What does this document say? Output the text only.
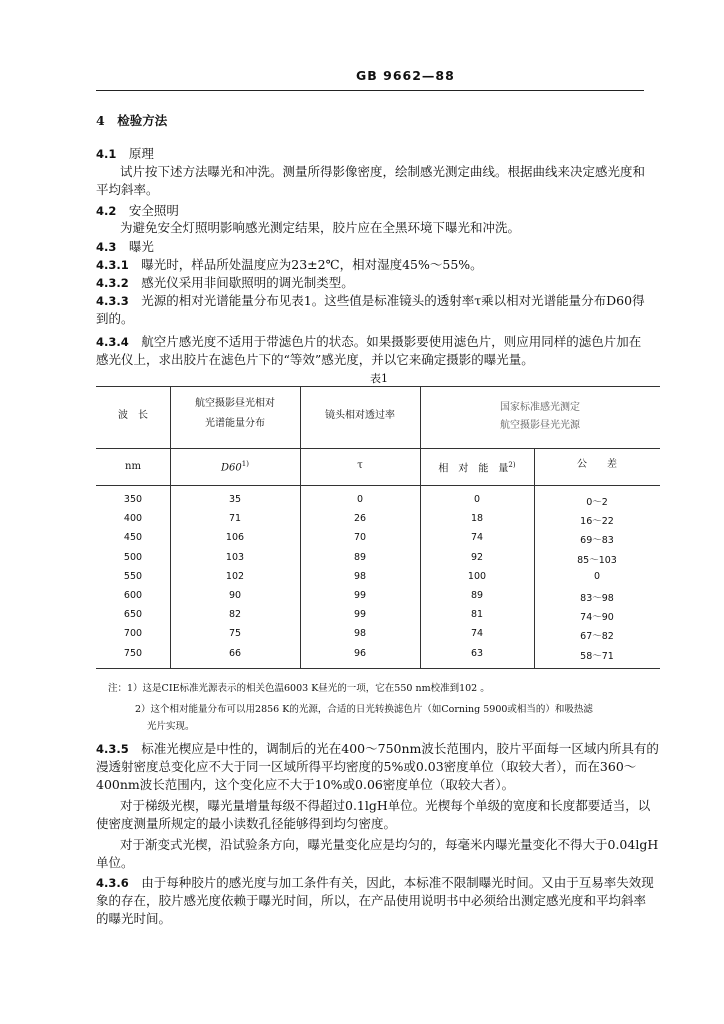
GB 9662—88
4　 检验方法
4.1　 原理
试片按下述方法曝光和冲洗。测量所得影像密度，绘制感光测定曲线。根据曲线来决定感光度和
平均斜率。
4.2　 安全照明
为避免安全灯照明影响感光测定结果，胶片应在全黑环境下曝光和冲洗。
4.3　 曝光
4.3.1　 曝光时，样品所处温度应为23±2℃，相对湿度45%～55%。
4.3.2　 感光仪采用非间歇照明的调光制类型。
4.3.3　 光源的相对光谱能量分布见表1。这些值是标准镜头的透射率τ乘以相对光谱能量分布D60得
到的。
4.3.4　 航空片感光度不适用于带滤色片的状态。如果摄影要使用滤色片，则应用同样的滤色片加在
感光仪上，求出胶片在滤色片下的“等效”感光度，并以它来确定摄影的曝光量。
表1
波　长
航空摄影昼光相对
光谱能量分布
镜头相对透过率
国家标准感光测定
航空摄影昼光光源
nm	D60$^{1)}$	τ	相　对　能　量$^{2)}$	公　　差
350	35	0	0	0～2
400	71	26	18	16～22
450	106	70	74	69～83
500	103	89	92	85～103
550	102	98	100	0
600	90	99	89	83～98
650	82	99	81	74～90
700	75	98	74	67～82
750	66	96	63	58～71
注：1）这是CIE标准光源表示的相关色温6003 K昼光的一项，它在550 nm校准到102 。
2）这个相对能量分布可以用2856 K的光源，合适的日光转换滤色片（如Corning 5900或相当的）和吸热滤
光片实现。
4.3.5　 标准光楔应是中性的，调制后的光在400～750nm波长范围内，胶片平面每一区域内所具有的
漫透射密度总变化应不大于同一区域所得平均密度的5%或0.03密度单位（取较大者），而在360～
400nm波长范围内，这个变化应不大于10%或0.06密度单位（取较大者）。
对于梯级光楔，曝光量增量每级不得超过0.1lgH单位。光楔每个单级的宽度和长度都要适当，以
使密度测量所规定的最小读数孔径能够得到均匀密度。
对于渐变式光楔，沿试验条方向，曝光量变化应是均匀的，每毫米内曝光量变化不得大于0.04lgH
单位。
4.3.6　 由于每种胶片的感光度与加工条件有关，因此，本标准不限制曝光时间。又由于互易率失效现
象的存在，胶片感光度依赖于曝光时间，所以，在产品使用说明书中必须给出测定感光度和平均斜率
的曝光时间。
